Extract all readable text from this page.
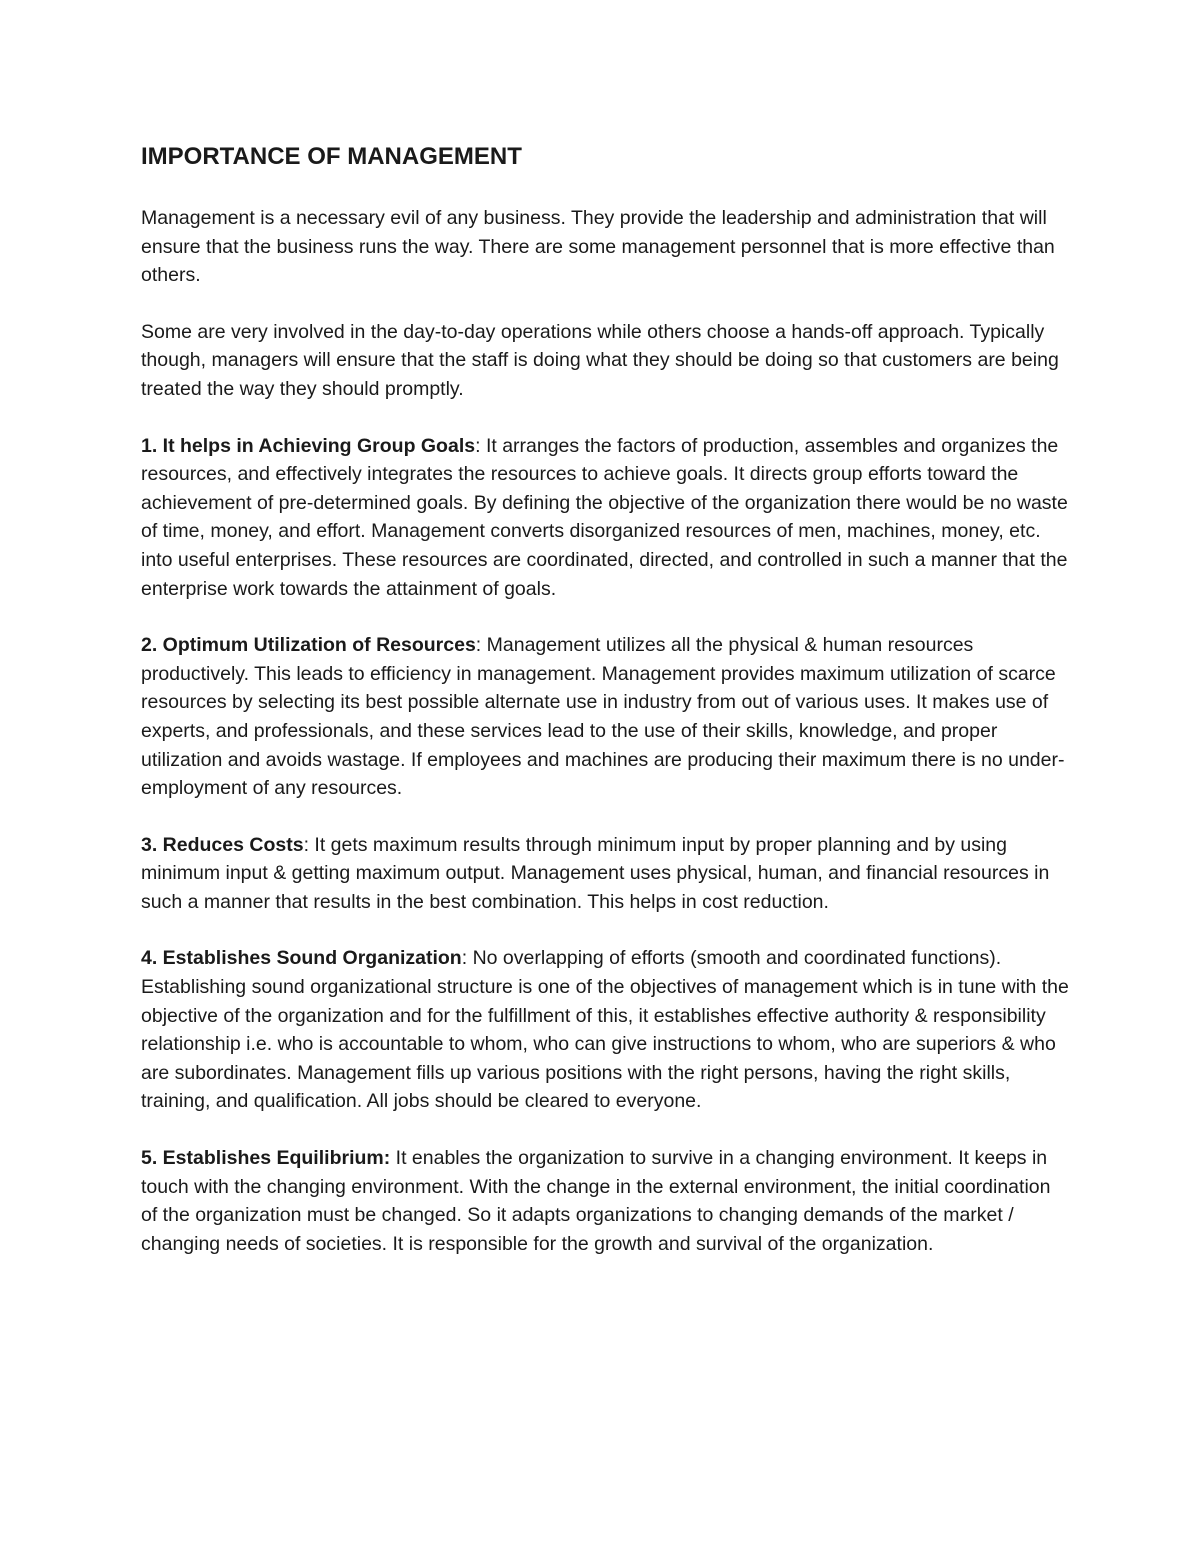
IMPORTANCE OF MANAGEMENT

Management is a necessary evil of any business. They provide the leadership and administration that will ensure that the business runs the way. There are some management personnel that is more effective than others.

Some are very involved in the day-to-day operations while others choose a hands-off approach. Typically though, managers will ensure that the staff is doing what they should be doing so that customers are being treated the way they should promptly.

1. It helps in Achieving Group Goals: It arranges the factors of production, assembles and organizes the resources, and effectively integrates the resources to achieve goals. It directs group efforts toward the achievement of pre-determined goals. By defining the objective of the organization there would be no waste of time, money, and effort. Management converts disorganized resources of men, machines, money, etc. into useful enterprises. These resources are coordinated, directed, and controlled in such a manner that the enterprise work towards the attainment of goals.

2. Optimum Utilization of Resources: Management utilizes all the physical & human resources productively. This leads to efficiency in management. Management provides maximum utilization of scarce resources by selecting its best possible alternate use in industry from out of various uses. It makes use of experts, and professionals, and these services lead to the use of their skills, knowledge, and proper utilization and avoids wastage. If employees and machines are producing their maximum there is no under-employment of any resources.

3. Reduces Costs: It gets maximum results through minimum input by proper planning and by using minimum input & getting maximum output. Management uses physical, human, and financial resources in such a manner that results in the best combination. This helps in cost reduction.

4. Establishes Sound Organization: No overlapping of efforts (smooth and coordinated functions). Establishing sound organizational structure is one of the objectives of management which is in tune with the objective of the organization and for the fulfillment of this, it establishes effective authority & responsibility relationship i.e. who is accountable to whom, who can give instructions to whom, who are superiors & who are subordinates. Management fills up various positions with the right persons, having the right skills, training, and qualification. All jobs should be cleared to everyone.

5. Establishes Equilibrium: It enables the organization to survive in a changing environment. It keeps in touch with the changing environment. With the change in the external environment, the initial coordination of the organization must be changed. So it adapts organizations to changing demands of the market / changing needs of societies. It is responsible for the growth and survival of the organization.
